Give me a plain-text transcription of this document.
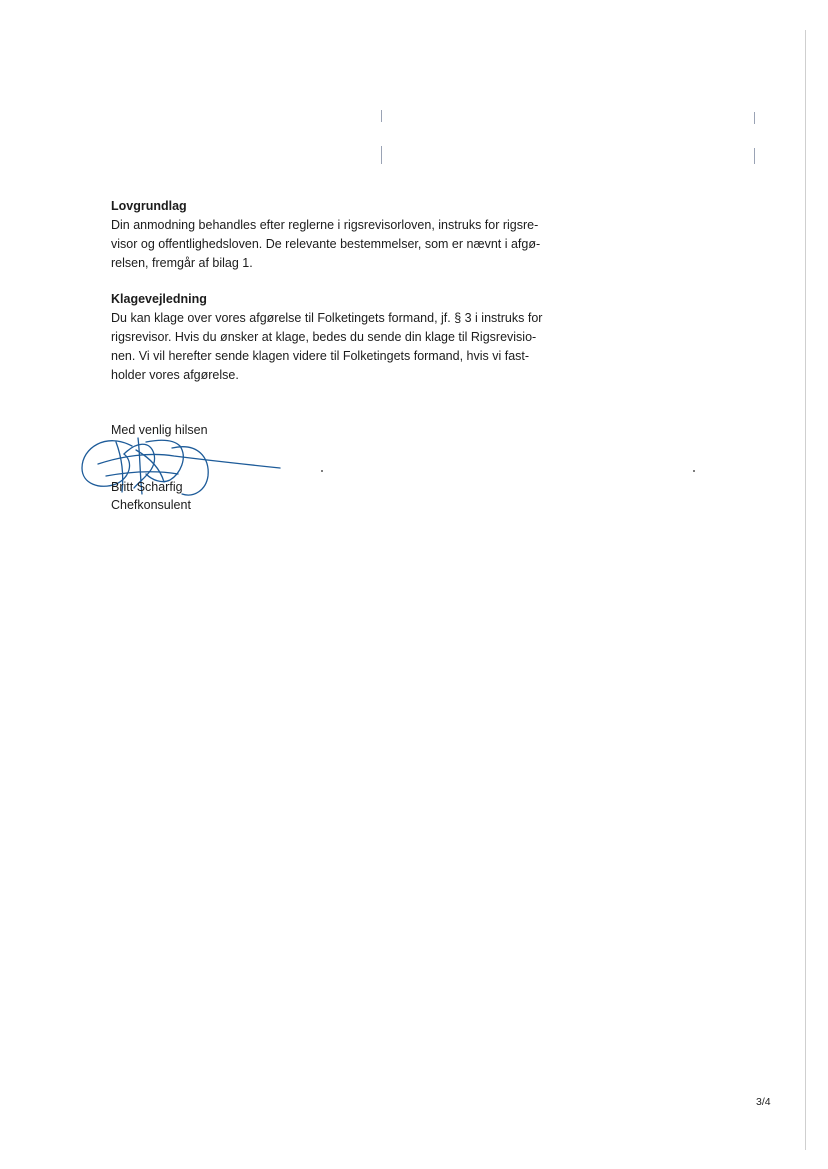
Lovgrundlag

Din anmodning behandles efter reglerne i rigsrevisorloven, instruks for rigsre-
visor og offentlighedsloven. De relevante bestemmelser, som er nævnt i afgø-
relsen, fremgår af bilag 1.

Klagevejledning

Du kan klage over vores afgørelse til Folketingets formand, jf. § 3 i instruks for
rigsrevisor. Hvis du ønsker at klage, bedes du sende din klage til Rigsrevisio-
nen. Vi vil herefter sende klagen videre til Folketingets formand, hvis vi fast-
holder vores afgørelse.

Med venlig hilsen
Britt Scharfig
Chefkonsulent
3/4
